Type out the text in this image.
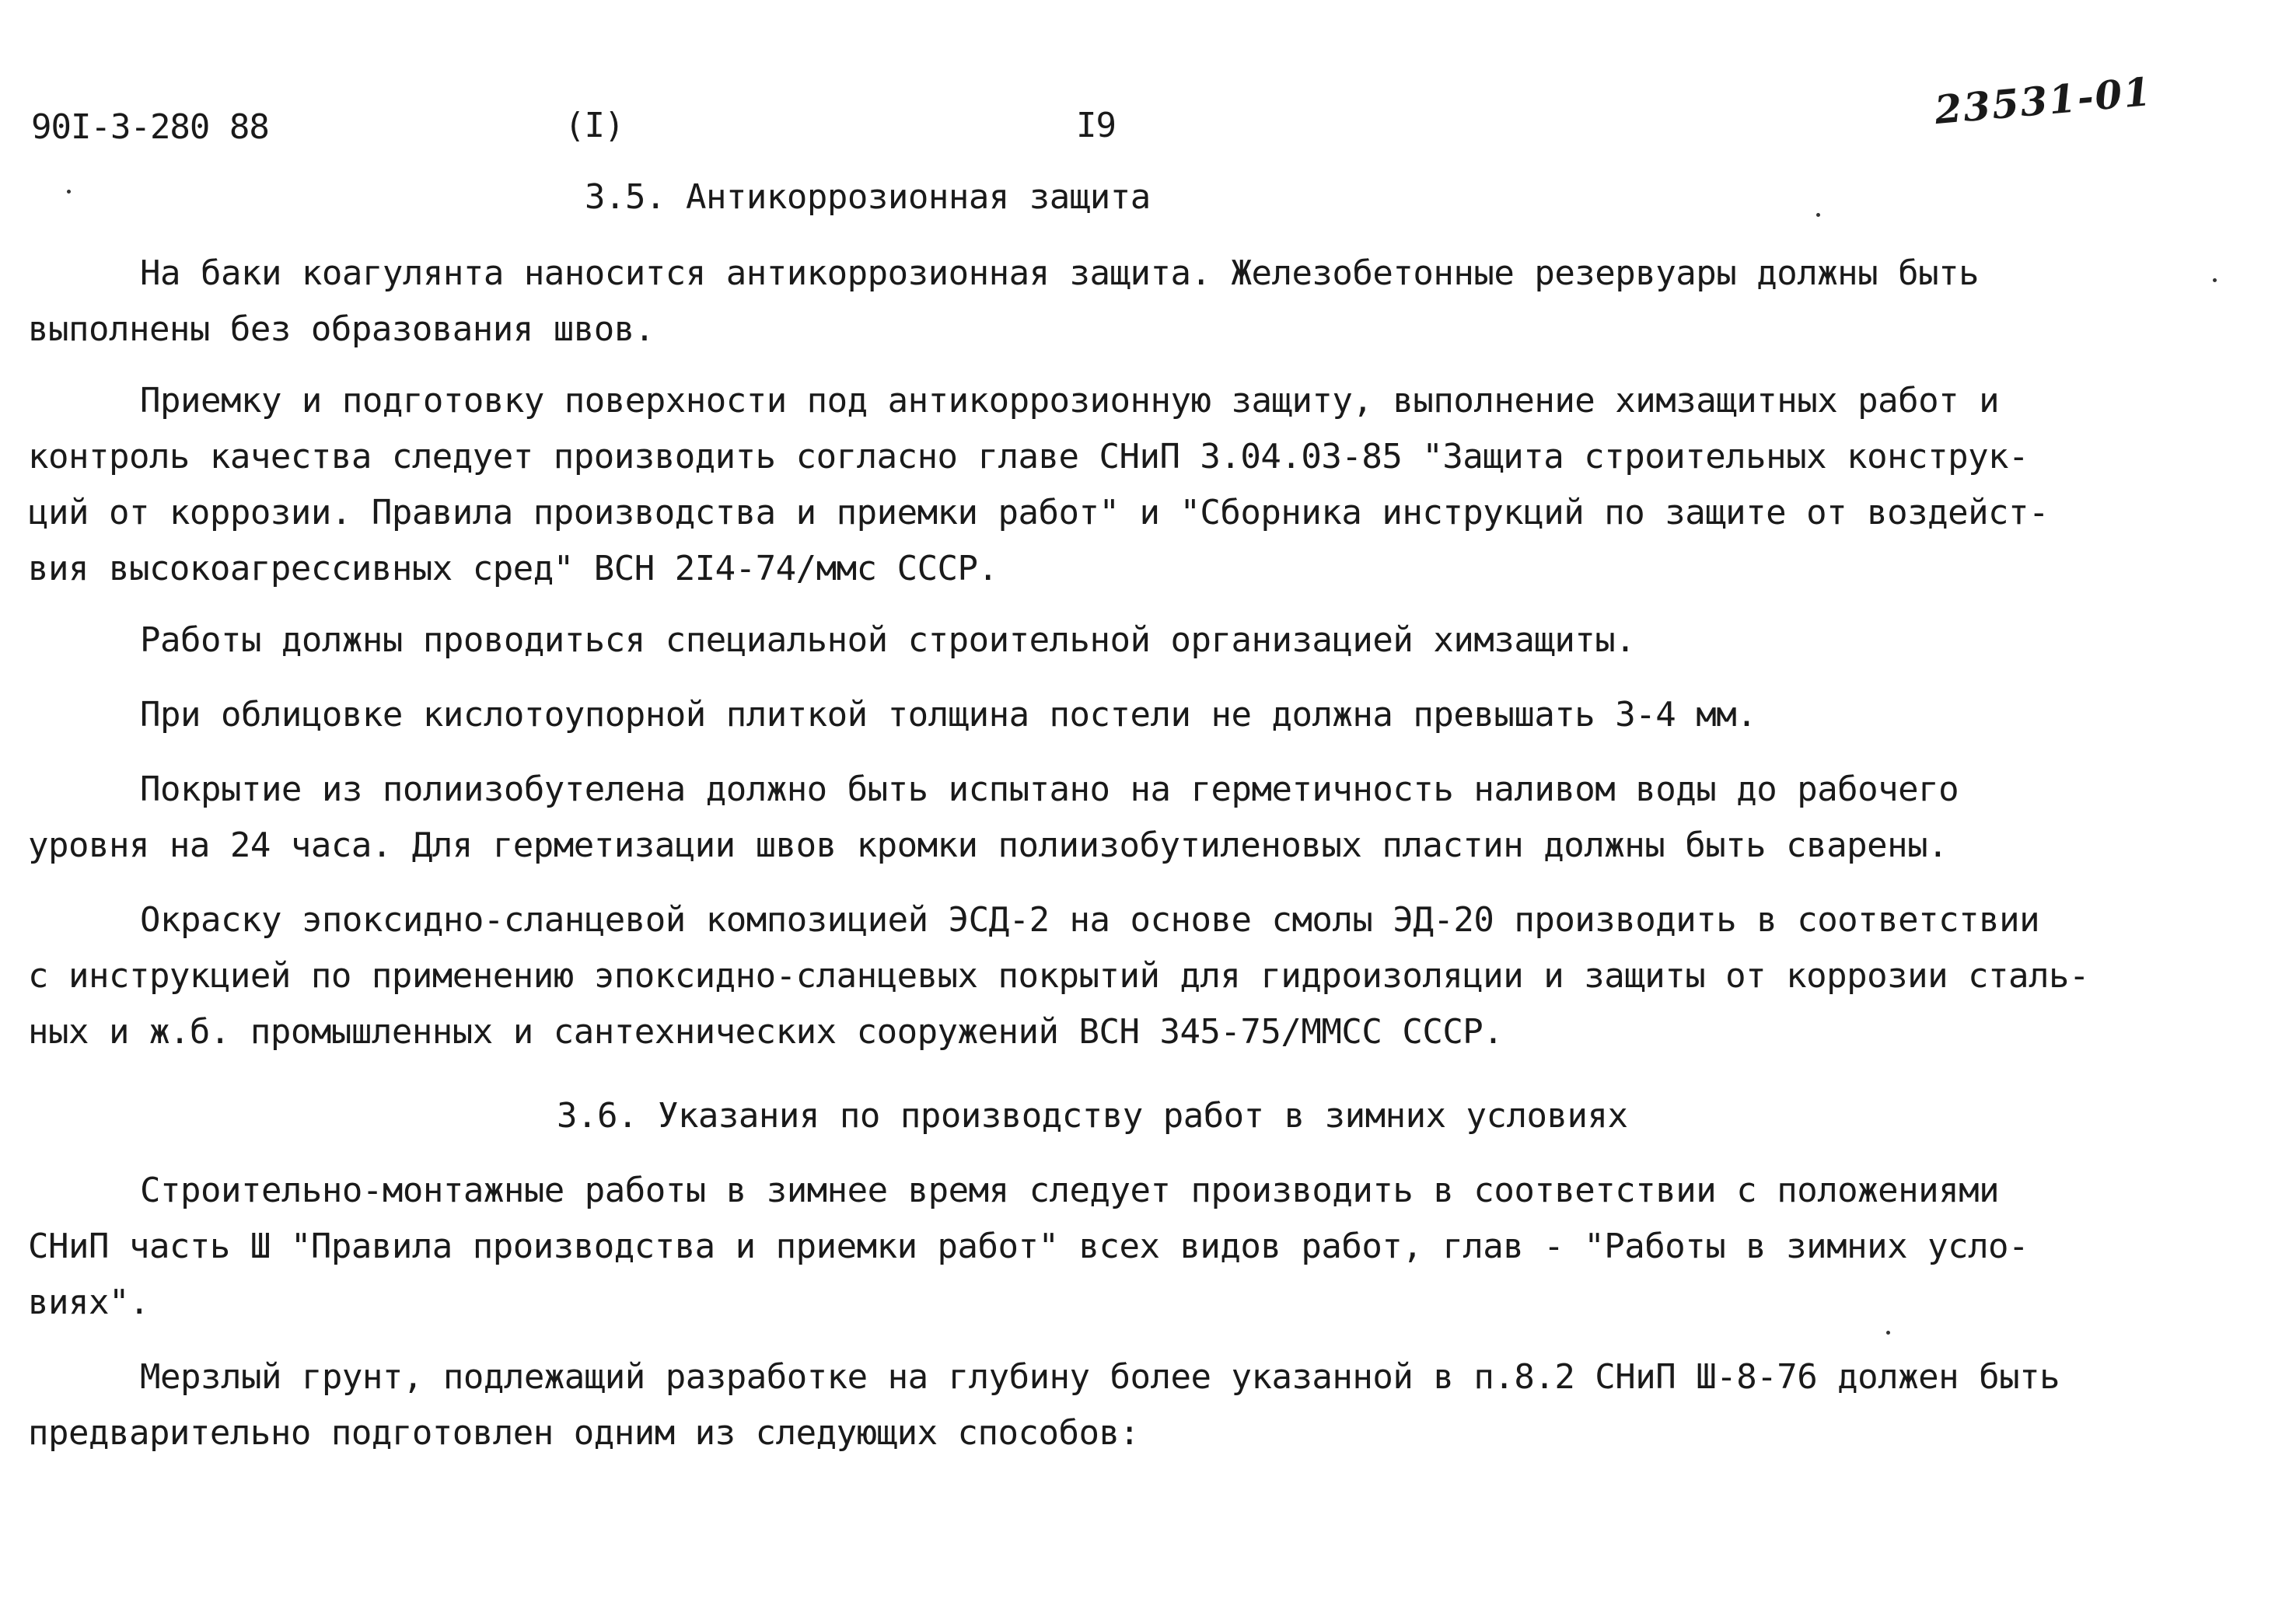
90I-3-280 88	(I)	I9	23531-01
3.5. Антикоррозионная защита
На баки коагулянта наносится антикоррозионная защита. Железобетонные резервуары должны быть
выполнены без образования швов.
Приемку и подготовку поверхности под антикоррозионную защиту, выполнение химзащитных работ и
контроль качества следует производить согласно главе СНиП 3.04.03-85 "Защита строительных конструк-
ций от коррозии. Правила производства и приемки работ" и "Сборника инструкций по защите от воздейст-
вия высокоагрессивных сред" ВСН 2I4-74/ммс СССР.
Работы должны проводиться специальной строительной организацией химзащиты.
При облицовке кислотоупорной плиткой толщина постели не должна превышать 3-4 мм.
Покрытие из полиизобутелена должно быть испытано на герметичность наливом воды до рабочего
уровня на 24 часа. Для герметизации швов кромки полиизобутиленовых пластин должны быть сварены.
Окраску эпоксидно-сланцевой композицией ЭСД-2 на основе смолы ЭД-20 производить в соответствии
с инструкцией по применению эпоксидно-сланцевых покрытий для гидроизоляции и защиты от коррозии сталь-
ных и ж.б. промышленных и сантехнических сооружений ВСН 345-75/ММСС СССР.
3.6. Указания по производству работ в зимних условиях
Строительно-монтажные работы в зимнее время следует производить в соответствии с положениями
СНиП часть Ш "Правила производства и приемки работ" всех видов работ, глав - "Работы в зимних усло-
виях".
Мерзлый грунт, подлежащий разработке на глубину более указанной в п.8.2 СНиП Ш-8-76 должен быть
предварительно подготовлен одним из следующих способов:
